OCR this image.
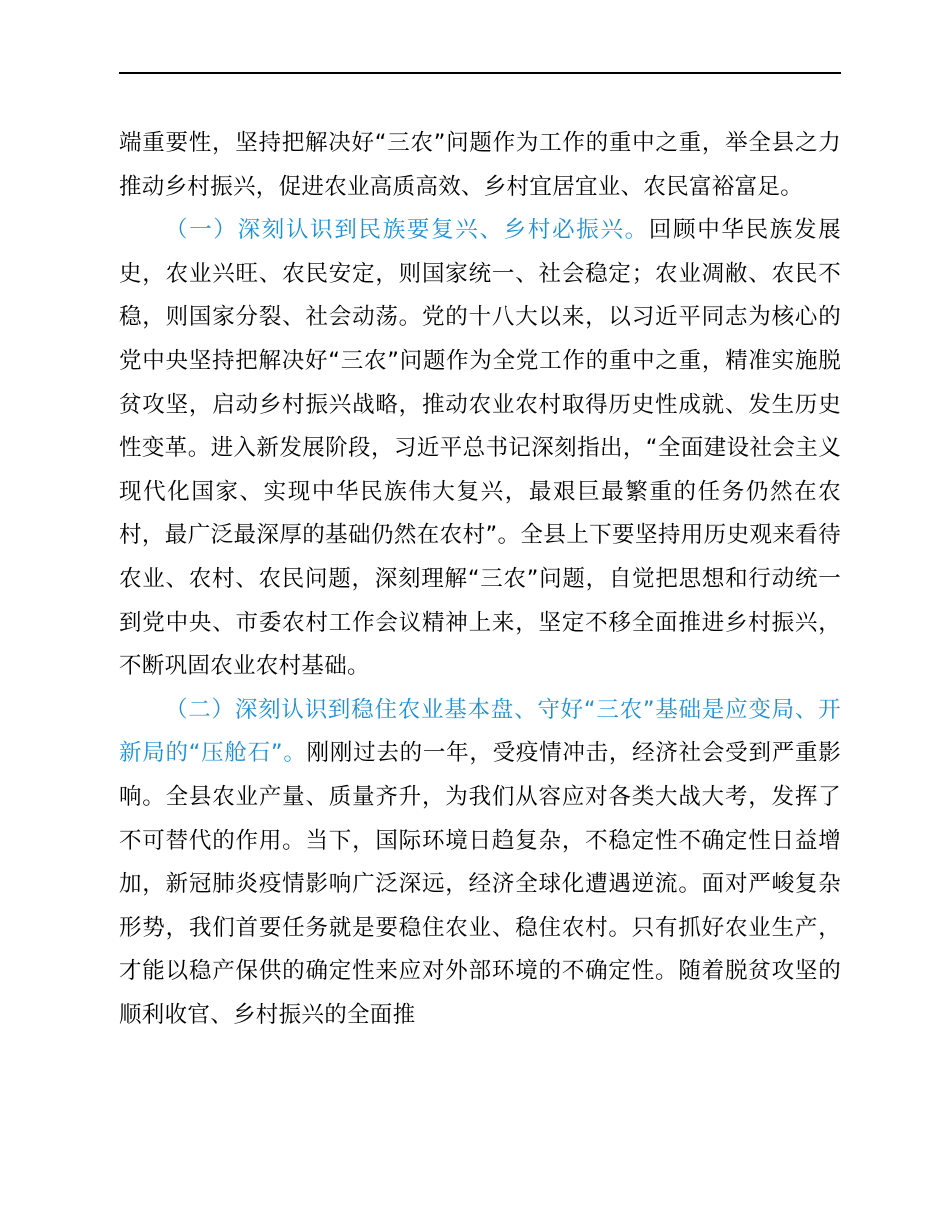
端重要性，坚持把解决好“三农”问题作为工作的重中之重，举全县之力推动乡村振兴，促进农业高质高效、乡村宜居宜业、农民富裕富足。

（一）深刻认识到民族要复兴、乡村必振兴。回顾中华民族发展史，农业兴旺、农民安定，则国家统一、社会稳定；农业凋敝、农民不稳，则国家分裂、社会动荡。党的十八大以来，以习近平同志为核心的党中央坚持把解决好“三农”问题作为全党工作的重中之重，精准实施脱贫攻坚，启动乡村振兴战略，推动农业农村取得历史性成就、发生历史性变革。进入新发展阶段，习近平总书记深刻指出，“全面建设社会主义现代化国家、实现中华民族伟大复兴，最艰巨最繁重的任务仍然在农村，最广泛最深厚的基础仍然在农村”。全县上下要坚持用历史观来看待农业、农村、农民问题，深刻理解“三农”问题，自觉把思想和行动统一到党中央、市委农村工作会议精神上来，坚定不移全面推进乡村振兴，不断巩固农业农村基础。

（二）深刻认识到稳住农业基本盘、守好“三农”基础是应变局、开新局的“压舱石”。刚刚过去的一年，受疫情冲击，经济社会受到严重影响。全县农业产量、质量齐升，为我们从容应对各类大战大考，发挥了不可替代的作用。当下，国际环境日趋复杂，不稳定性不确定性日益增加，新冠肺炎疫情影响广泛深远，经济全球化遭遇逆流。面对严峻复杂形势，我们首要任务就是要稳住农业、稳住农村。只有抓好农业生产，才能以稳产保供的确定性来应对外部环境的不确定性。随着脱贫攻坚的顺利收官、乡村振兴的全面推
